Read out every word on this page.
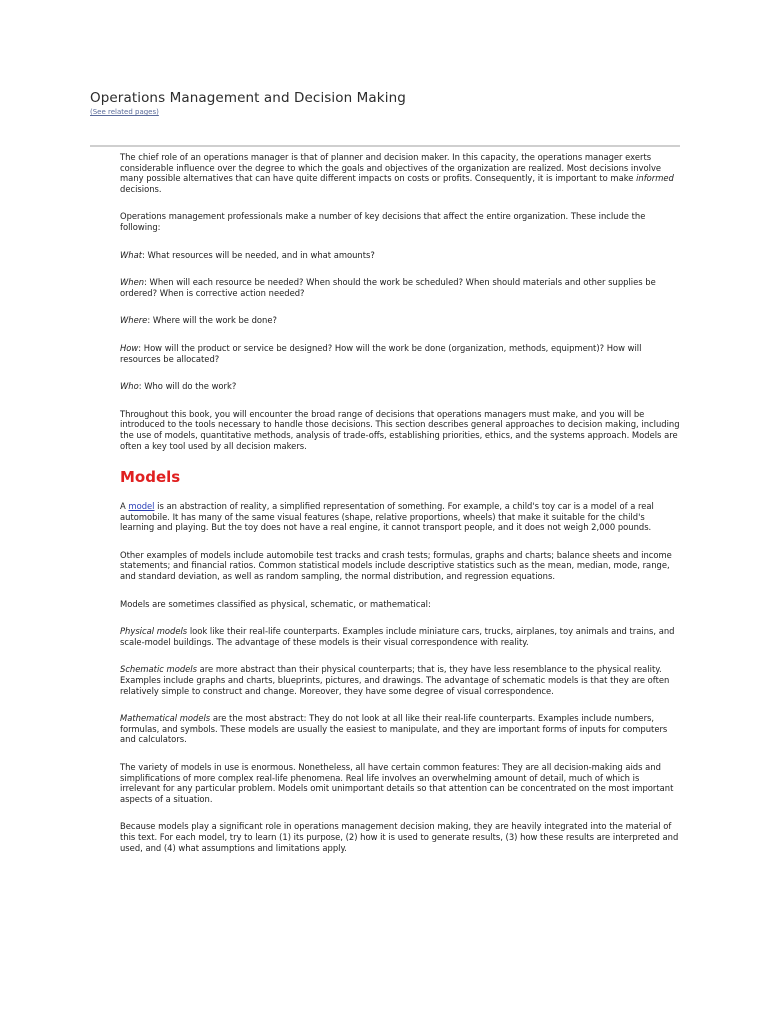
Operations Management and Decision Making
(See related pages)

The chief role of an operations manager is that of planner and decision maker. In this capacity, the operations manager exerts considerable influence over the degree to which the goals and objectives of the organization are realized. Most decisions involve many possible alternatives that can have quite different impacts on costs or profits. Consequently, it is important to make informed decisions.

Operations management professionals make a number of key decisions that affect the entire organization. These include the following:

What: What resources will be needed, and in what amounts?

When: When will each resource be needed? When should the work be scheduled? When should materials and other supplies be ordered? When is corrective action needed?

Where: Where will the work be done?

How: How will the product or service be designed? How will the work be done (organization, methods, equipment)? How will resources be allocated?

Who: Who will do the work?

Throughout this book, you will encounter the broad range of decisions that operations managers must make, and you will be introduced to the tools necessary to handle those decisions. This section describes general approaches to decision making, including the use of models, quantitative methods, analysis of trade-offs, establishing priorities, ethics, and the systems approach. Models are often a key tool used by all decision makers.

Models

A model is an abstraction of reality, a simplified representation of something. For example, a child's toy car is a model of a real automobile. It has many of the same visual features (shape, relative proportions, wheels) that make it suitable for the child's learning and playing. But the toy does not have a real engine, it cannot transport people, and it does not weigh 2,000 pounds.

Other examples of models include automobile test tracks and crash tests; formulas, graphs and charts; balance sheets and income statements; and financial ratios. Common statistical models include descriptive statistics such as the mean, median, mode, range, and standard deviation, as well as random sampling, the normal distribution, and regression equations.

Models are sometimes classified as physical, schematic, or mathematical:

Physical models look like their real-life counterparts. Examples include miniature cars, trucks, airplanes, toy animals and trains, and scale-model buildings. The advantage of these models is their visual correspondence with reality.

Schematic models are more abstract than their physical counterparts; that is, they have less resemblance to the physical reality. Examples include graphs and charts, blueprints, pictures, and drawings. The advantage of schematic models is that they are often relatively simple to construct and change. Moreover, they have some degree of visual correspondence.

Mathematical models are the most abstract: They do not look at all like their real-life counterparts. Examples include numbers, formulas, and symbols. These models are usually the easiest to manipulate, and they are important forms of inputs for computers and calculators.

The variety of models in use is enormous. Nonetheless, all have certain common features: They are all decision-making aids and simplifications of more complex real-life phenomena. Real life involves an overwhelming amount of detail, much of which is irrelevant for any particular problem. Models omit unimportant details so that attention can be concentrated on the most important aspects of a situation.

Because models play a significant role in operations management decision making, they are heavily integrated into the material of this text. For each model, try to learn (1) its purpose, (2) how it is used to generate results, (3) how these results are interpreted and used, and (4) what assumptions and limitations apply.
